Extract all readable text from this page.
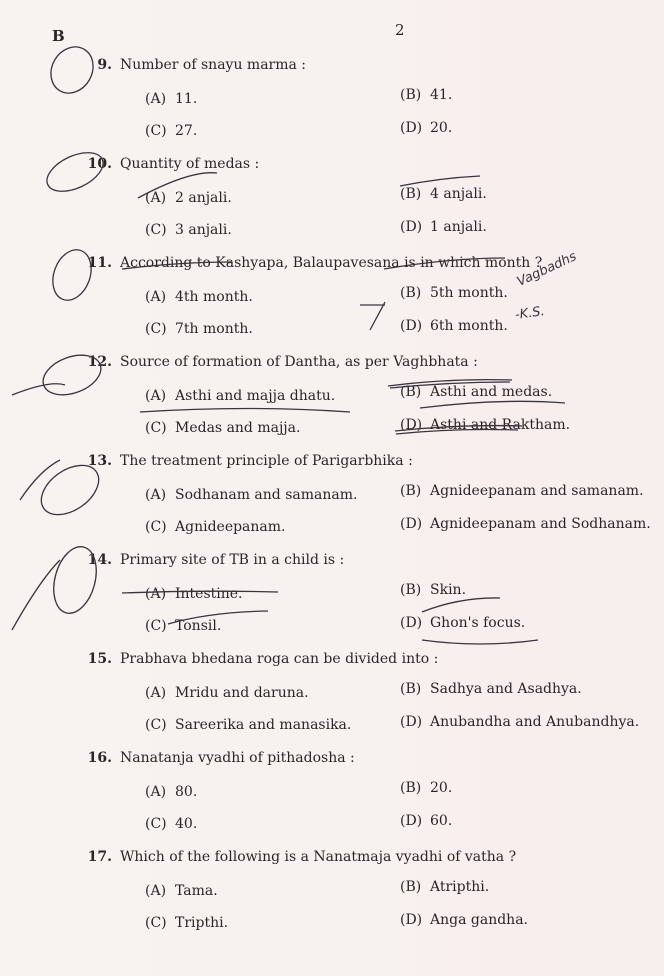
B	2
9. Number of snayu marma :
(A) 11.	(B) 41.
(C) 27.	(D) 20.
10. Quantity of medas :
(A) 2 anjali.	(B) 4 anjali.
(C) 3 anjali.	(D) 1 anjali.
11. According to Kashyapa, Balaupavesana is in which month ?
(A) 4th month.	(B) 5th month.
(C) 7th month.	(D) 6th month.
12. Source of formation of Dantha, as per Vaghbhata :
(A) Asthi and majja dhatu.	(B) Asthi and medas.
(C) Medas and majja.	(D) Asthi and Raktham.
13. The treatment principle of Parigarbhika :
(A) Sodhanam and samanam.	(B) Agnideepanam and samanam.
(C) Agnideepanam.	(D) Agnideepanam and Sodhanam.
14. Primary site of TB in a child is :
(A) Intestine.	(B) Skin.
(C) Tonsil.	(D) Ghon's focus.
15. Prabhava bhedana roga can be divided into :
(A) Mridu and daruna.	(B) Sadhya and Asadhya.
(C) Sareerika and manasika.	(D) Anubandha and Anubandhya.
16. Nanatanja vyadhi of pithadosha :
(A) 80.	(B) 20.
(C) 40.	(D) 60.
17. Which of the following is a Nanatmaja vyadhi of vatha ?
(A) Tama.	(B) Atripthi.
(C) Tripthi.	(D) Anga gandha.
Vagbadhs
-K.S.
